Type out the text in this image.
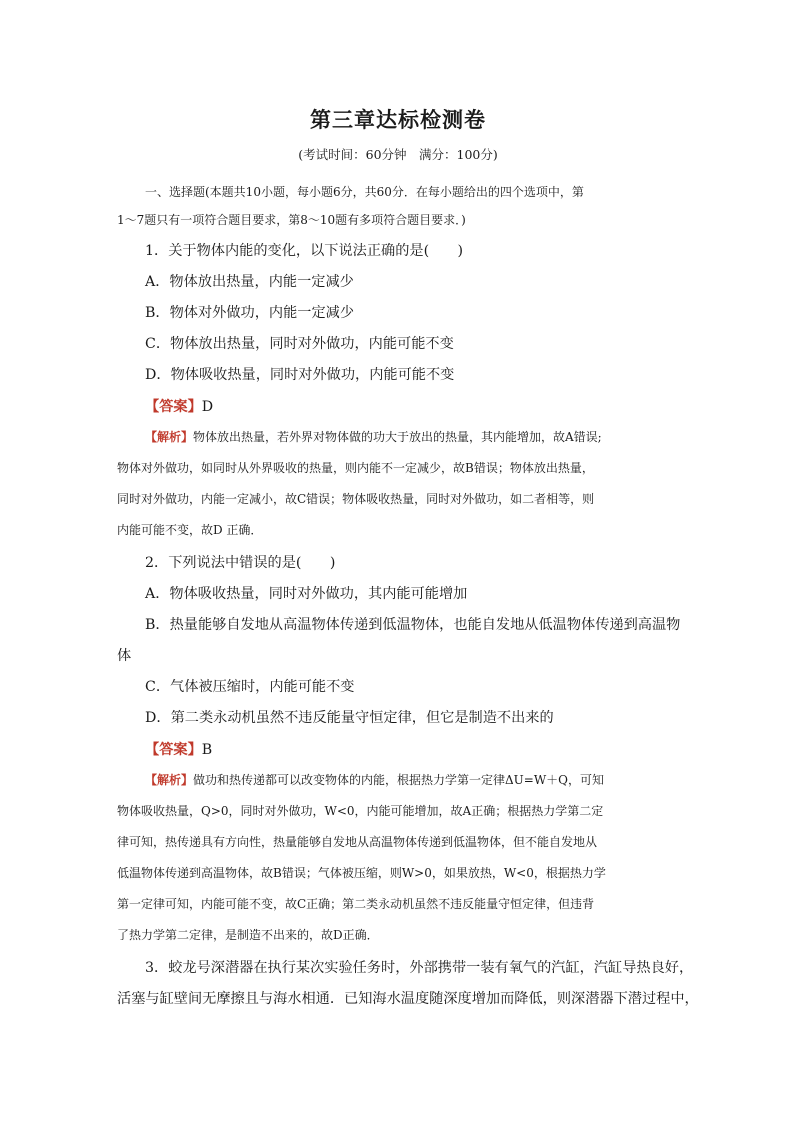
第三章达标检测卷
(考试时间：60分钟　满分：100分)
一、选择题(本题共10小题，每小题6分，共60分．在每小题给出的四个选项中，第
1～7题只有一项符合题目要求，第8～10题有多项符合题目要求．)
1．关于物体内能的变化，以下说法正确的是(　　)
A．物体放出热量，内能一定减少
B．物体对外做功，内能一定减少
C．物体放出热量，同时对外做功，内能可能不变
D．物体吸收热量，同时对外做功，内能可能不变
【答案】D
【解析】物体放出热量，若外界对物体做的功大于放出的热量，其内能增加，故A错误;
物体对外做功，如同时从外界吸收的热量，则内能不一定减少，故B错误；物体放出热量，
同时对外做功，内能一定减小，故C错误；物体吸收热量，同时对外做功，如二者相等，则
内能可能不变，故D 正确．
2．下列说法中错误的是(　　)
A．物体吸收热量，同时对外做功，其内能可能增加
B．热量能够自发地从高温物体传递到低温物体，也能自发地从低温物体传递到高温物
体
C．气体被压缩时，内能可能不变
D．第二类永动机虽然不违反能量守恒定律，但它是制造不出来的
【答案】B
【解析】做功和热传递都可以改变物体的内能，根据热力学第一定律ΔU=W＋Q，可知
物体吸收热量，Q>0，同时对外做功，W<0，内能可能增加，故A正确；根据热力学第二定
律可知，热传递具有方向性，热量能够自发地从高温物体传递到低温物体，但不能自发地从
低温物体传递到高温物体，故B错误；气体被压缩，则W>0，如果放热，W<0，根据热力学
第一定律可知，内能可能不变，故C正确；第二类永动机虽然不违反能量守恒定律，但违背
了热力学第二定律，是制造不出来的，故D正确．
3．蛟龙号深潜器在执行某次实验任务时，外部携带一装有氧气的汽缸，汽缸导热良好，
活塞与缸壁间无摩擦且与海水相通．已知海水温度随深度增加而降低，则深潜器下潜过程中，
